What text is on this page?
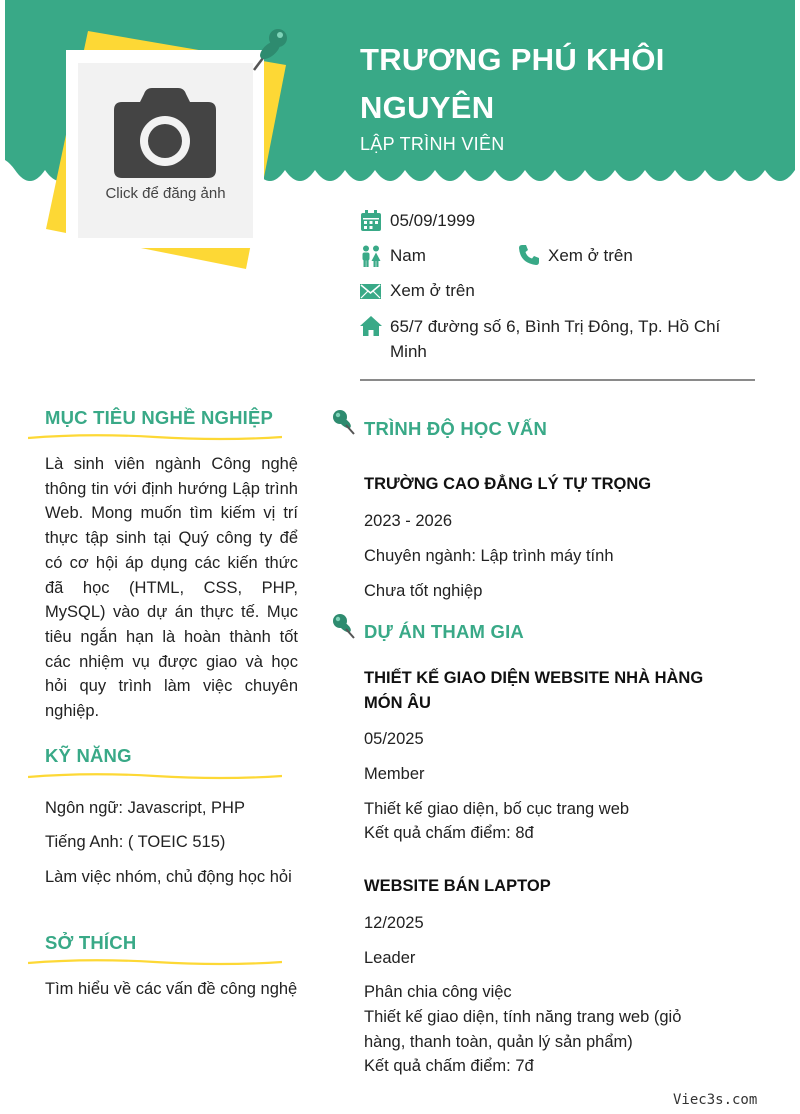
Click để đăng ảnh
TRƯƠNG PHÚ KHÔI NGUYÊN
LẬP TRÌNH VIÊN
05/09/1999
Nam	Xem ở trên
Xem ở trên
65/7 đường số 6, Bình Trị Đông, Tp. Hồ Chí Minh
MỤC TIÊU NGHỀ NGHIỆP
Là sinh viên ngành Công nghệ thông tin với định hướng Lập trình Web. Mong muốn tìm kiếm vị trí thực tập sinh tại Quý công ty để có cơ hội áp dụng các kiến thức đã học (HTML, CSS, PHP, MySQL) vào dự án thực tế. Mục tiêu ngắn hạn là hoàn thành tốt các nhiệm vụ được giao và học hỏi quy trình làm việc chuyên nghiệp.
KỸ NĂNG
Ngôn ngữ: Javascript, PHP
Tiếng Anh: ( TOEIC 515)
Làm việc nhóm, chủ động học hỏi
SỞ THÍCH
Tìm hiểu về các vấn đề công nghệ
TRÌNH ĐỘ HỌC VẤN
TRƯỜNG CAO ĐẲNG LÝ TỰ TRỌNG
2023 - 2026
Chuyên ngành: Lập trình máy tính
Chưa tốt nghiệp
DỰ ÁN THAM GIA
THIẾT KẾ GIAO DIỆN WEBSITE NHÀ HÀNG MÓN ÂU
05/2025
Member
Thiết kế giao diện, bố cục trang web
Kết quả chấm điểm: 8đ
WEBSITE BÁN LAPTOP
12/2025
Leader
Phân chia công việc
Thiết kế giao diện, tính năng trang web (giỏ hàng, thanh toàn, quản lý sản phẩm)
Kết quả chấm điểm: 7đ
Viec3s.com
